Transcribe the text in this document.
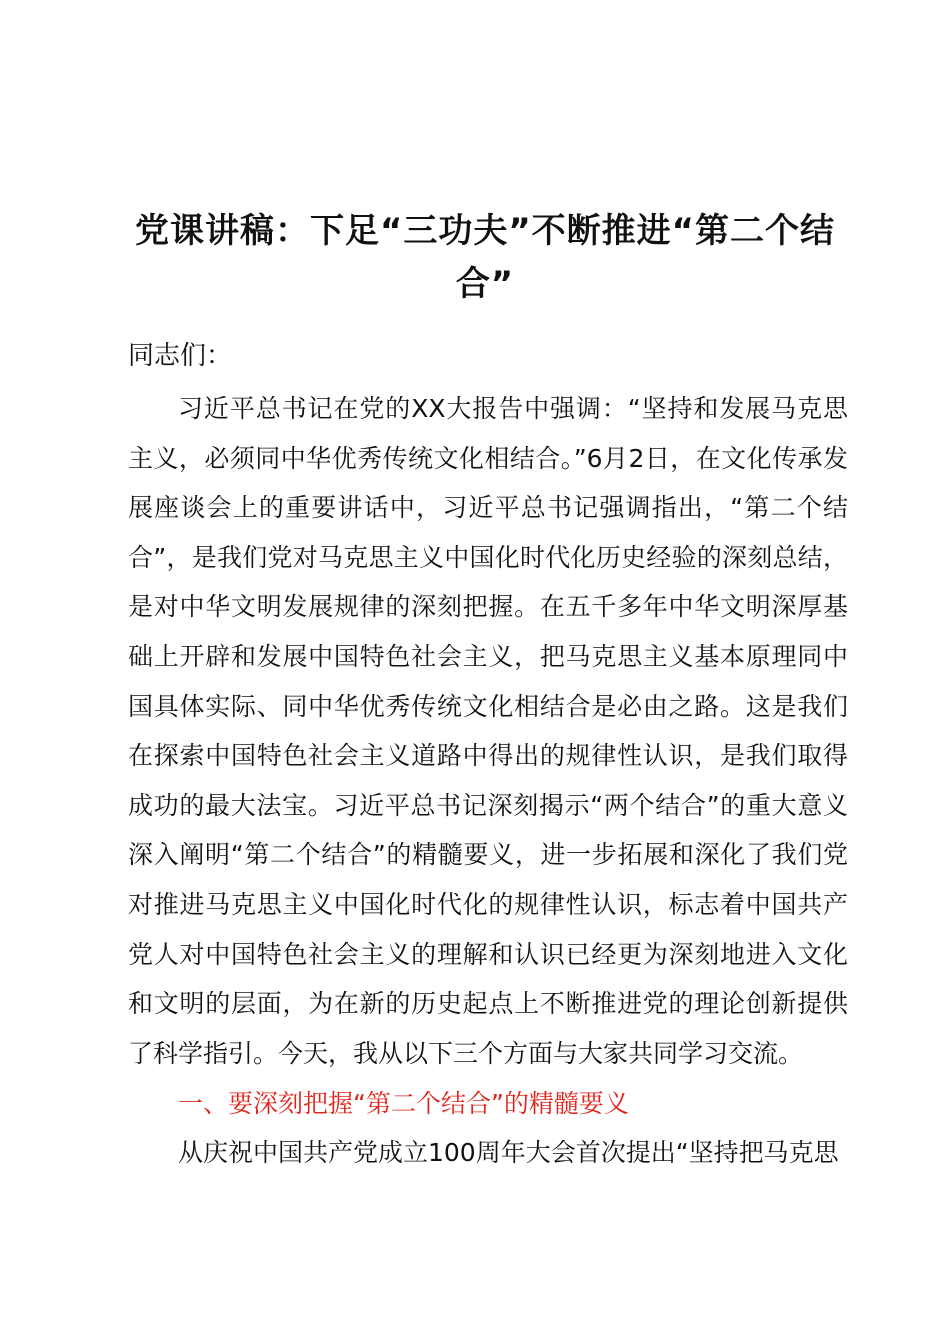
党课讲稿：下足“三功夫”不断推进“第二个结合”

同志们：

习近平总书记在党的XX大报告中强调：“坚持和发展马克思主义，必须同中华优秀传统文化相结合。”6月2日，在文化传承发展座谈会上的重要讲话中，习近平总书记强调指出，“第二个结合”，是我们党对马克思主义中国化时代化历史经验的深刻总结，是对中华文明发展规律的深刻把握。在五千多年中华文明深厚基础上开辟和发展中国特色社会主义，把马克思主义基本原理同中国具体实际、同中华优秀传统文化相结合是必由之路。这是我们在探索中国特色社会主义道路中得出的规律性认识，是我们取得成功的最大法宝。习近平总书记深刻揭示“两个结合”的重大意义深入阐明“第二个结合”的精髓要义，进一步拓展和深化了我们党对推进马克思主义中国化时代化的规律性认识，标志着中国共产党人对中国特色社会主义的理解和认识已经更为深刻地进入文化和文明的层面，为在新的历史起点上不断推进党的理论创新提供了科学指引。今天，我从以下三个方面与大家共同学习交流。

一、要深刻把握“第二个结合”的精髓要义

从庆祝中国共产党成立100周年大会首次提出“坚持把马克思
